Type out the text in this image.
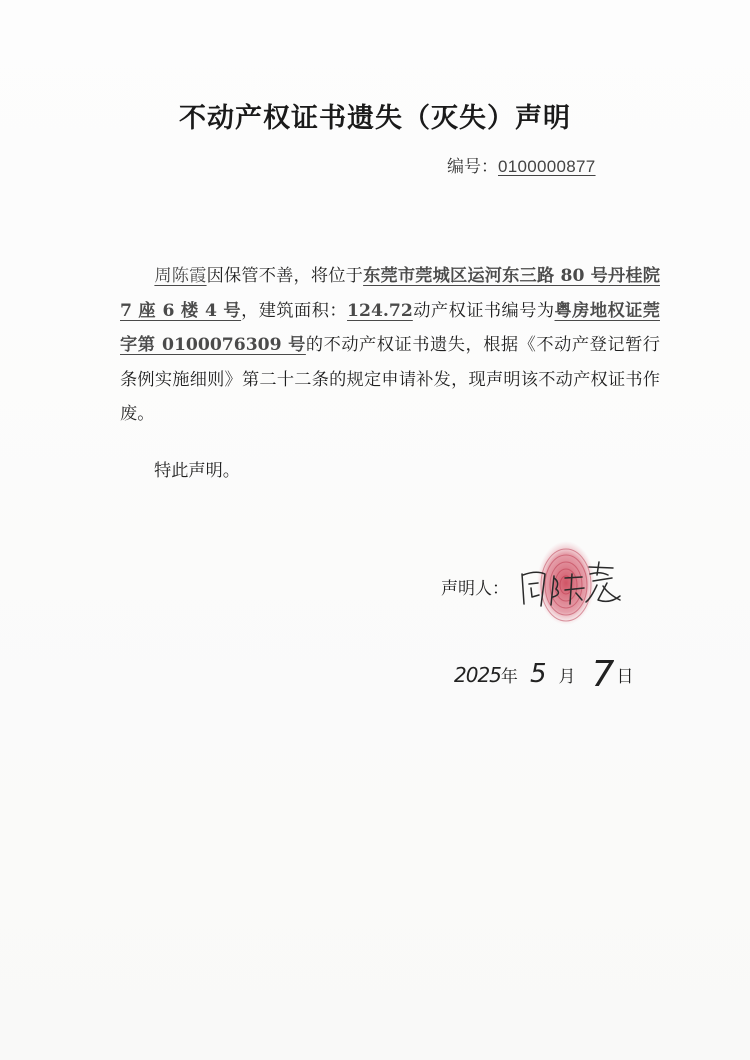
不动产权证书遗失（灭失）声明
编号：0100000877

周陈霞因保管不善，将位于东莞市莞城区运河东三路 80 号丹桂院 7 座 6 楼 4 号，建筑面积：124.72动产权证书编号为粤房地权证莞字第 0100076309 号的不动产权证书遗失，根据《不动产登记暂行条例实施细则》第二十二条的规定申请补发，现声明该不动产权证书作废。

特此声明。
声明人：
2025年 5 月 7 日
